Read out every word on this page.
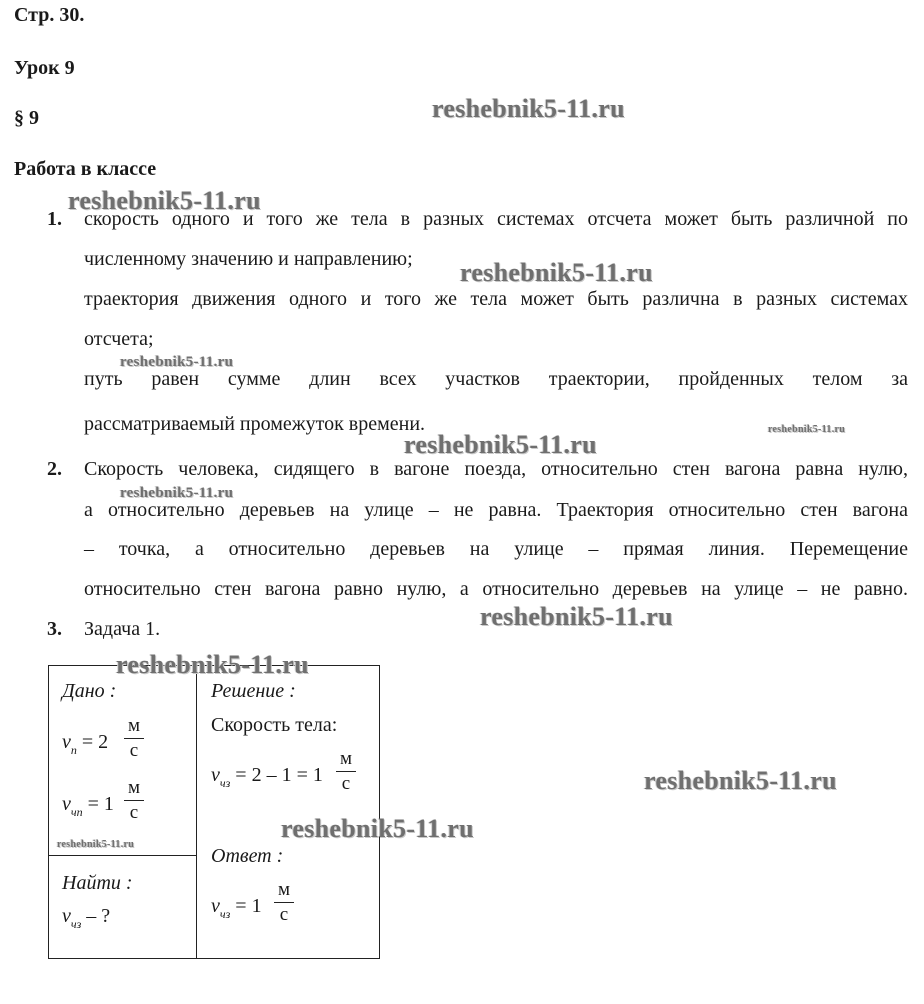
Стр. 30.
Урок 9
§ 9
Работа в классе
1. скорость одного и того же тела в разных системах отсчета может быть различной по
численному значению и направлению;
траектория движения одного и того же тела может быть различна в разных системах
отсчета;
путь равен сумме длин всех участков траектории, пройденных телом за
рассматриваемый промежуток времени.
2. Скорость человека, сидящего в вагоне поезда, относительно стен вагона равна нулю,
а относительно деревьев на улице – не равна. Траектория относительно стен вагона
– точка, а относительно деревьев на улице – прямая линия. Перемещение
относительно стен вагона равно нулю, а относительно деревьев на улице – не равно.
3. Задача 1.
Дано :
$v_п = 2$
м
с
$v_{чп} = 1$
м
с
Найти :
$v_{чз}$ – ?
Решение :
Скорость тела:
$v_{чз} = 2 - 1 = 1$
м
с
Ответ :
$v_{чз} = 1$
м
с
reshebnik5-11.ru
reshebnik5-11.ru
reshebnik5-11.ru
reshebnik5-11.ru
reshebnik5-11.ru
reshebnik5-11.ru
reshebnik5-11.ru
reshebnik5-11.ru
reshebnik5-11.ru
reshebnik5-11.ru
reshebnik5-11.ru
reshebnik5-11.ru
